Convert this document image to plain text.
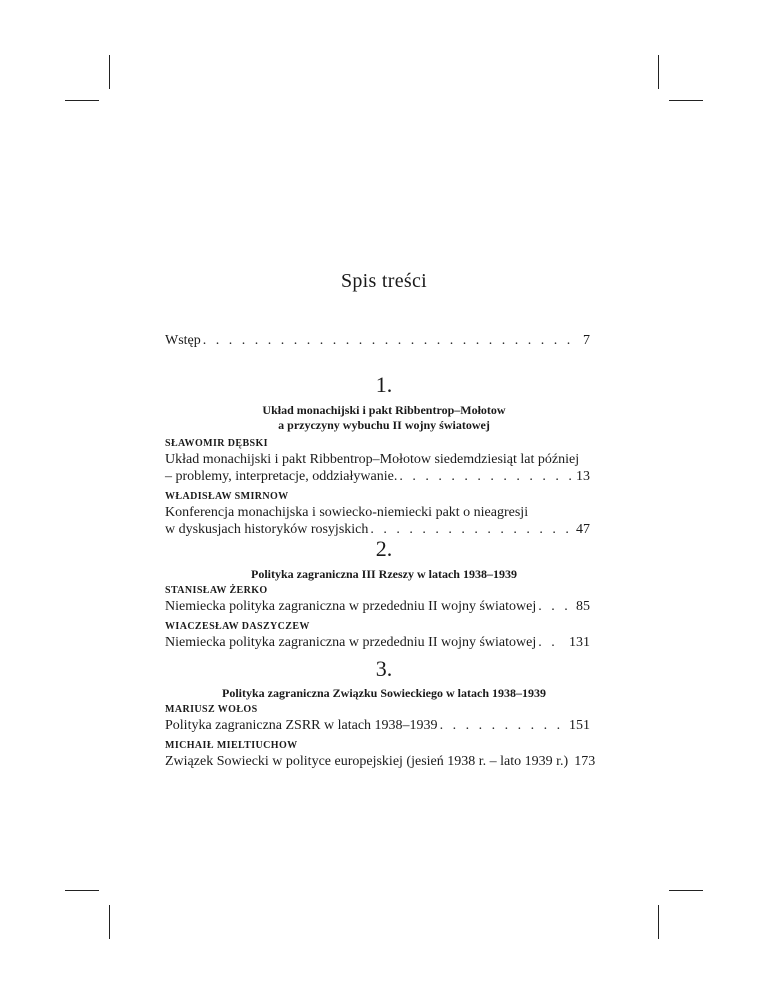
Spis treści
Wstęp . . .	7
1.
Układ monachijski i pakt Ribbentrop–Mołotow
a przyczyny wybuchu II wojny światowej
SŁAWOMIR DĘBSKI
Układ monachijski i pakt Ribbentrop–Mołotow siedemdziesiąt lat później
– problemy, interpretacje, oddziaływanie. . . .	13
WŁADISŁAW SMIRNOW
Konferencja monachijska i sowiecko-niemiecki pakt o nieagresji
w dyskusjach historyków rosyjskich . . .	47
2.
Polityka zagraniczna III Rzeszy w latach 1938–1939
STANISŁAW ŻERKO
Niemiecka polityka zagraniczna w przededniu II wojny światowej . . .	85
WIACZESŁAW DASZYCZEW
Niemiecka polityka zagraniczna w przededniu II wojny światowej . . . 131
3.
Polityka zagraniczna Związku Sowieckiego w latach 1938–1939
MARIUSZ WOŁOS
Polityka zagraniczna ZSRR w latach 1938–1939 . . .	151
MICHAIŁ MIELTIUCHOW
Związek Sowiecki w polityce europejskiej (jesień 1938 r. – lato 1939 r.) 173
